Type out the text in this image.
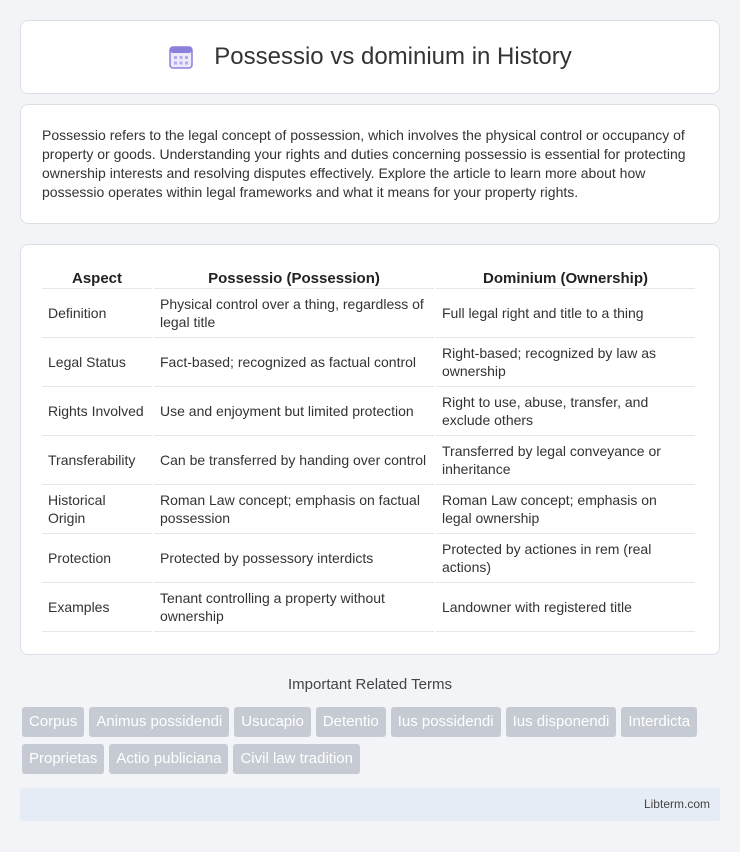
Possessio vs dominium in History

Possessio refers to the legal concept of possession, which involves the physical control or occupancy of property or goods. Understanding your rights and duties concerning possessio is essential for protecting ownership interests and resolving disputes effectively. Explore the article to learn more about how possessio operates within legal frameworks and what it means for your property rights.

Aspect	Possessio (Possession)	Dominium (Ownership)
Definition	Physical control over a thing, regardless of legal title	Full legal right and title to a thing
Legal Status	Fact-based; recognized as factual control	Right-based; recognized by law as ownership
Rights Involved	Use and enjoyment but limited protection	Right to use, abuse, transfer, and exclude others
Transferability	Can be transferred by handing over control	Transferred by legal conveyance or inheritance
Historical Origin	Roman Law concept; emphasis on factual possession	Roman Law concept; emphasis on legal ownership
Protection	Protected by possessory interdicts	Protected by actiones in rem (real actions)
Examples	Tenant controlling a property without ownership	Landowner with registered title
Important Related Terms
Corpus	Animus possidendi	Usucapio	Detentio	Ius possidendi	Ius disponendi	Interdicta
Proprietas	Actio publiciana	Civil law tradition
Libterm.com
